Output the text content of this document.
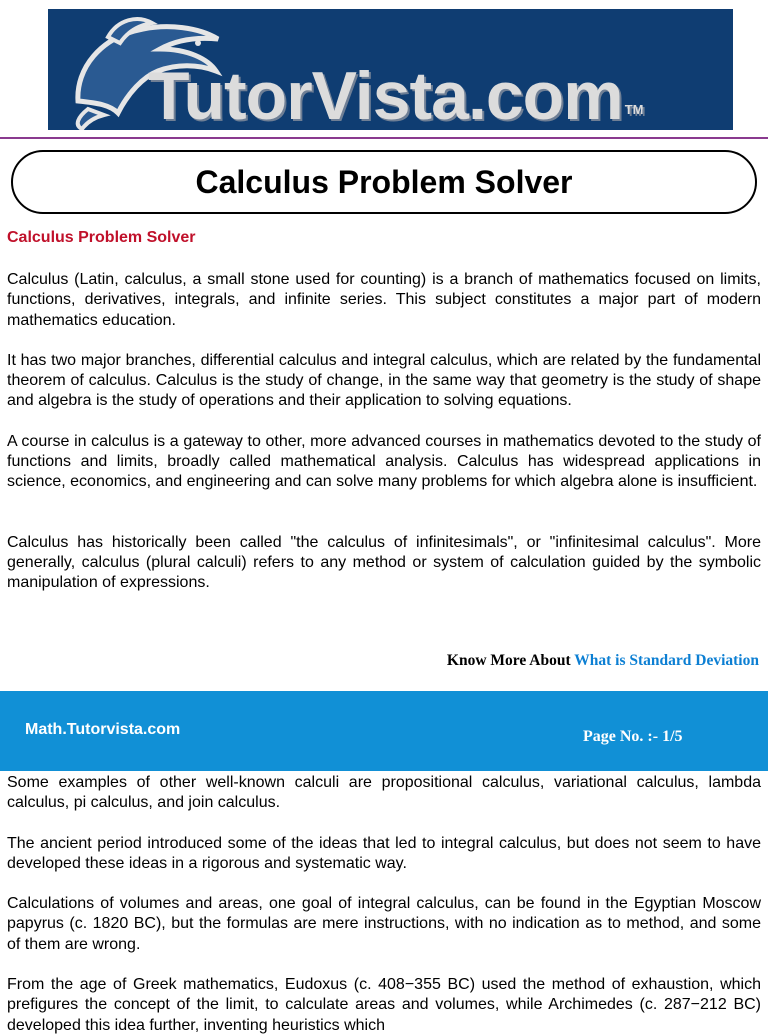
TutorVista.com ™

Calculus Problem Solver
Calculus Problem Solver

Calculus (Latin, calculus, a small stone used for counting) is a branch of mathematics focused on limits, functions, derivatives, integrals, and infinite series. This subject constitutes a major part of modern mathematics education.

It has two major branches, differential calculus and integral calculus, which are related by the fundamental theorem of calculus. Calculus is the study of change, in the same way that geometry is the study of shape and algebra is the study of operations and their application to solving equations.

A course in calculus is a gateway to other, more advanced courses in mathematics devoted to the study of functions and limits, broadly called mathematical analysis. Calculus has widespread applications in science, economics, and engineering and can solve many problems for which algebra alone is insufficient.

Calculus has historically been called "the calculus of infinitesimals", or "infinitesimal calculus". More generally, calculus (plural calculi) refers to any method or system of calculation guided by the symbolic manipulation of expressions.

Know More About What is Standard Deviation
Math.Tutorvista.com	Page No. :- 1/5

Some examples of other well-known calculi are propositional calculus, variational calculus, lambda calculus, pi calculus, and join calculus.

The ancient period introduced some of the ideas that led to integral calculus, but does not seem to have developed these ideas in a rigorous and systematic way.

Calculations of volumes and areas, one goal of integral calculus, can be found in the Egyptian Moscow papyrus (c. 1820 BC), but the formulas are mere instructions, with no indication as to method, and some of them are wrong.

From the age of Greek mathematics, Eudoxus (c. 408−355 BC) used the method of exhaustion, which prefigures the concept of the limit, to calculate areas and volumes, while Archimedes (c. 287−212 BC) developed this idea further, inventing heuristics which
